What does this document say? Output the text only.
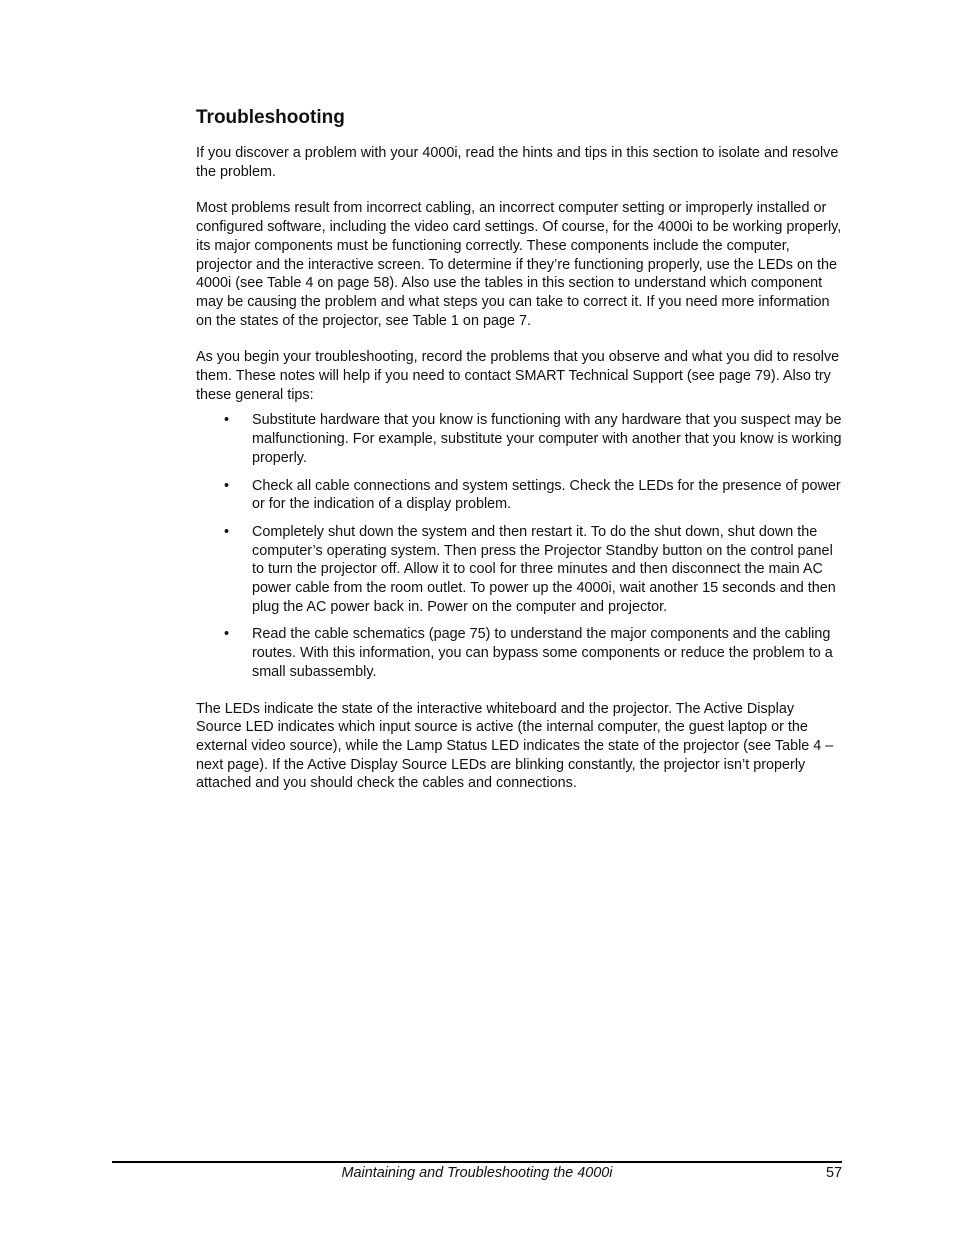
Troubleshooting

If you discover a problem with your 4000i, read the hints and tips in this section to isolate and resolve the problem.

Most problems result from incorrect cabling, an incorrect computer setting or improperly installed or configured software, including the video card settings. Of course, for the 4000i to be working properly, its major components must be functioning correctly. These components include the computer, projector and the interactive screen. To determine if they’re functioning properly, use the LEDs on the 4000i (see Table 4 on page 58). Also use the tables in this section to understand which component may be causing the problem and what steps you can take to correct it. If you need more information on the states of the projector, see Table 1 on page 7.

As you begin your troubleshooting, record the problems that you observe and what you did to resolve them. These notes will help if you need to contact SMART Technical Support (see page 79). Also try these general tips:

• Substitute hardware that you know is functioning with any hardware that you suspect may be malfunctioning. For example, substitute your computer with another that you know is working properly.
• Check all cable connections and system settings. Check the LEDs for the presence of power or for the indication of a display problem.
• Completely shut down the system and then restart it. To do the shut down, shut down the computer’s operating system. Then press the Projector Standby button on the control panel to turn the projector off. Allow it to cool for three minutes and then disconnect the main AC power cable from the room outlet. To power up the 4000i, wait another 15 seconds and then plug the AC power back in. Power on the computer and projector.
• Read the cable schematics (page 75) to understand the major components and the cabling routes. With this information, you can bypass some components or reduce the problem to a small subassembly.

The LEDs indicate the state of the interactive whiteboard and the projector. The Active Display Source LED indicates which input source is active (the internal computer, the guest laptop or the external video source), while the Lamp Status LED indicates the state of the projector (see Table 4 – next page). If the Active Display Source LEDs are blinking constantly, the projector isn’t properly attached and you should check the cables and connections.

Maintaining and Troubleshooting the 4000i	57
